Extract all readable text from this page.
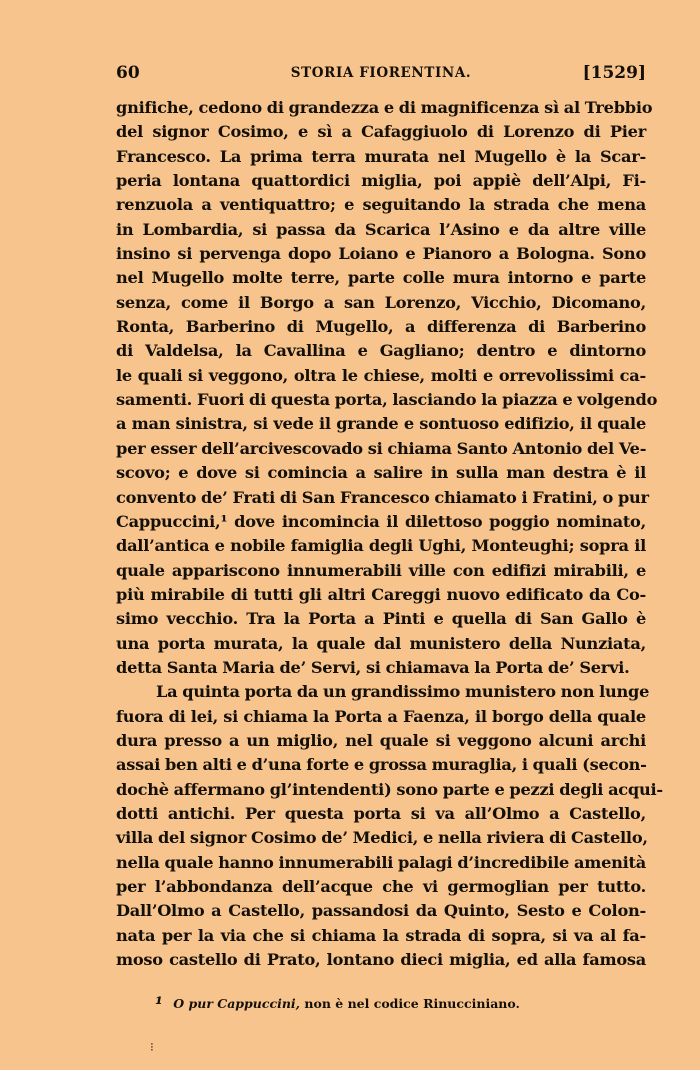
60	STORIA FIORENTINA.	[1529]
gnifiche, cedono di grandezza e di magnificenza sì al Trebbio
del signor Cosimo, e sì a Cafaggiuolo di Lorenzo di Pier
Francesco. La prima terra murata nel Mugello è la Scar-
peria lontana quattordici miglia, poi appiè dell’Alpi, Fi-
renzuola a ventiquattro; e seguitando la strada che mena
in Lombardia, si passa da Scarica l’Asino e da altre ville
insino si pervenga dopo Loiano e Pianoro a Bologna. Sono
nel Mugello molte terre, parte colle mura intorno e parte
senza, come il Borgo a san Lorenzo, Vicchio, Dicomano,
Ronta, Barberino di Mugello, a differenza di Barberino
di Valdelsa, la Cavallina e Gagliano; dentro e dintorno
le quali si veggono, oltra le chiese, molti e orrevolissimi ca-
samenti. Fuori di questa porta, lasciando la piazza e volgendo
a man sinistra, si vede il grande e sontuoso edifizio, il quale
per esser dell’arcivescovado si chiama Santo Antonio del Ve-
scovo; e dove si comincia a salire in sulla man destra è il
convento de’ Frati di San Francesco chiamato i Fratini, o pur
Cappuccini,¹ dove incomincia il dilettoso poggio nominato,
dall’antica e nobile famiglia degli Ughi, Monteughi; sopra il
quale appariscono innumerabili ville con edifizi mirabili, e
più mirabile di tutti gli altri Careggi nuovo edificato da Co-
simo vecchio. Tra la Porta a Pinti e quella di San Gallo è
una porta murata, la quale dal munistero della Nunziata,
detta Santa Maria de’ Servi, si chiamava la Porta de’ Servi.
La quinta porta da un grandissimo munistero non lunge
fuora di lei, si chiama la Porta a Faenza, il borgo della quale
dura presso a un miglio, nel quale si veggono alcuni archi
assai ben alti e d’una forte e grossa muraglia, i quali (secon-
dochè affermano gl’intendenti) sono parte e pezzi degli acqui-
dotti antichi. Per questa porta si va all’Olmo a Castello,
villa del signor Cosimo de’ Medici, e nella riviera di Castello,
nella quale hanno innumerabili palagi d’incredibile amenità
per l’abbondanza dell’acque che vi germoglian per tutto.
Dall’Olmo a Castello, passandosi da Quinto, Sesto e Colon-
nata per la via che si chiama la strada di sopra, si va al fa-
moso castello di Prato, lontano dieci miglia, ed alla famosa
¹ O pur Cappuccini, non è nel codice Rinucciniano.
⁝
